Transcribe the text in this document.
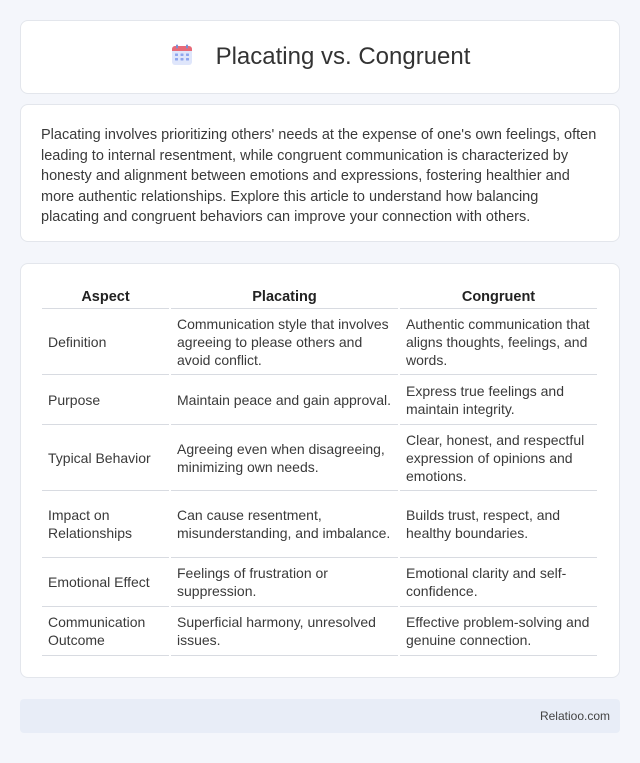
Placating vs. Congruent

Placating involves prioritizing others' needs at the expense of one's own feelings, often leading to internal resentment, while congruent communication is characterized by honesty and alignment between emotions and expressions, fostering healthier and more authentic relationships. Explore this article to understand how balancing placating and congruent behaviors can improve your connection with others.

Aspect	Placating	Congruent
Definition	Communication style that involves agreeing to please others and avoid conflict.	Authentic communication that aligns thoughts, feelings, and words.
Purpose	Maintain peace and gain approval.	Express true feelings and maintain integrity.
Typical Behavior	Agreeing even when disagreeing, minimizing own needs.	Clear, honest, and respectful expression of opinions and emotions.
Impact on Relationships	Can cause resentment, misunderstanding, and imbalance.	Builds trust, respect, and healthy boundaries.
Emotional Effect	Feelings of frustration or suppression.	Emotional clarity and self-confidence.
Communication Outcome	Superficial harmony, unresolved issues.	Effective problem-solving and genuine connection.
Relatioo.com
